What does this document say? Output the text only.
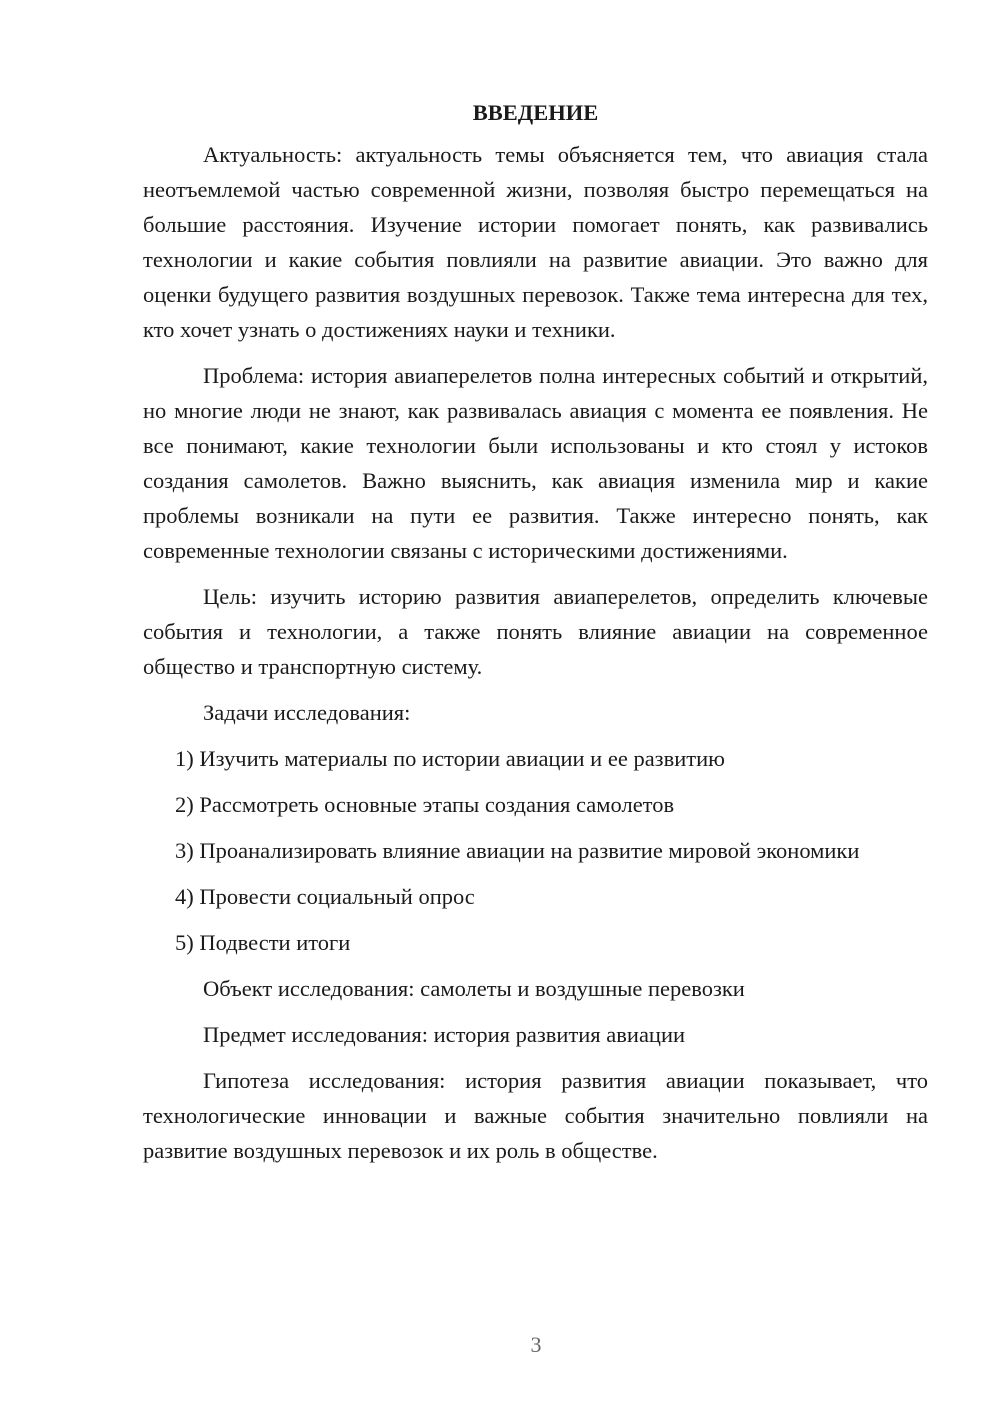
ВВЕДЕНИЕ

Актуальность: актуальность темы объясняется тем, что авиация стала неотъемлемой частью современной жизни, позволяя быстро перемещаться на большие расстояния. Изучение истории помогает понять, как развивались технологии и какие события повлияли на развитие авиации. Это важно для оценки будущего развития воздушных перевозок. Также тема интересна для тех, кто хочет узнать о достижениях науки и техники.

Проблема: история авиаперелетов полна интересных событий и открытий, но многие люди не знают, как развивалась авиация с момента ее появления. Не все понимают, какие технологии были использованы и кто стоял у истоков создания самолетов. Важно выяснить, как авиация изменила мир и какие проблемы возникали на пути ее развития. Также интересно понять, как современные технологии связаны с историческими достижениями.

Цель: изучить историю развития авиаперелетов, определить ключевые события и технологии, а также понять влияние авиации на современное общество и транспортную систему.

Задачи исследования:

1) Изучить материалы по истории авиации и ее развитию

2) Рассмотреть основные этапы создания самолетов

3) Проанализировать влияние авиации на развитие мировой экономики

4) Провести социальный опрос

5) Подвести итоги

Объект исследования: самолеты и воздушные перевозки

Предмет исследования: история развития авиации

Гипотеза исследования: история развития авиации показывает, что технологические инновации и важные события значительно повлияли на развитие воздушных перевозок и их роль в обществе.

3
